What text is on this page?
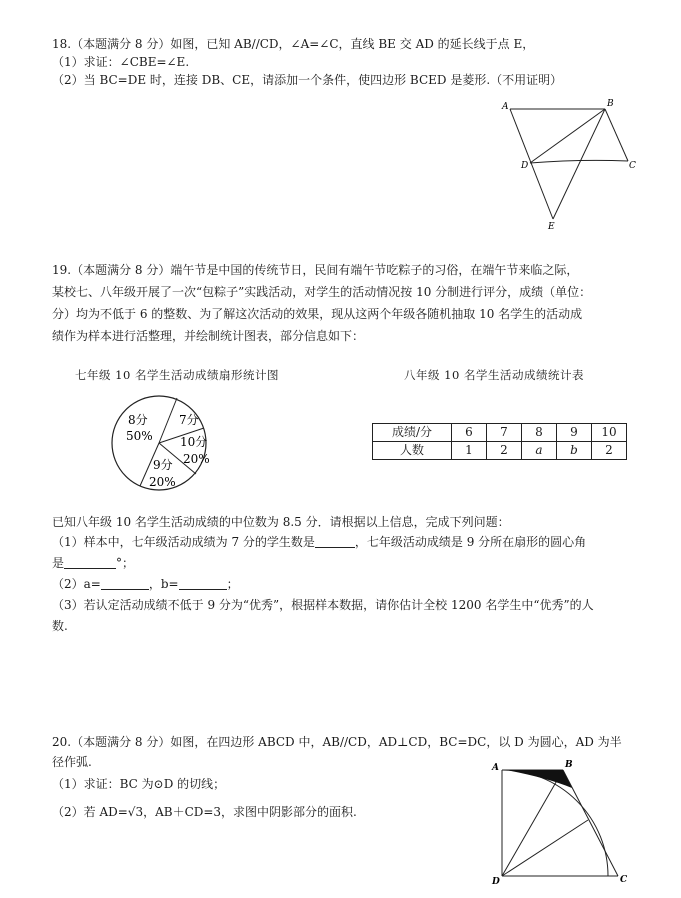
18.（本题满分 8 分）如图，已知 AB//CD，∠A=∠C，直线 BE 交 AD 的延长线于点 E，
（1）求证：∠CBE=∠E.
（2）当 BC=DE 时，连接 DB、CE，请添加一个条件，使四边形 BCED 是菱形.（不用证明）
A	B
C
D
E
19.（本题满分 8 分）端午节是中国的传统节日，民间有端午节吃粽子的习俗，在端午节来临之际，
某校七、八年级开展了一次“包粽子”实践活动，对学生的活动情况按 10 分制进行评分，成绩（单位：
分）均为不低于 6 的整数、为了解这次活动的效果，现从这两个年级各随机抽取 10 名学生的活动成
绩作为样本进行活整理，并绘制统计图表，部分信息如下：
七年级 10 名学生活动成绩扇形统计图	八年级 10 名学生活动成绩统计表
8分
50%
7分
10分
20%
9分
20%
成绩/分	6	7	8	9	10
人数	1	2	a	b	2
已知八年级 10 名学生活动成绩的中位数为 8.5 分．请根据以上信息，完成下列问题：
（1）样本中，七年级活动成绩为 7 分的学生数是	，七年级活动成绩是 9 分所在扇形的圆心角
是	°；
（2）a=	，b=	；
（3）若认定活动成绩不低于 9 分为“优秀”，根据样本数据，请你估计全校 1200 名学生中“优秀”的人
数.
20.（本题满分 8 分）如图，在四边形 ABCD 中，AB//CD，AD⊥CD，BC=DC，以 D 为圆心，AD 为半
径作弧.
（1）求证：BC 为⊙D 的切线；
（2）若 AD=√3，AB＋CD=3，求图中阴影部分的面积.
A	B
C
D
